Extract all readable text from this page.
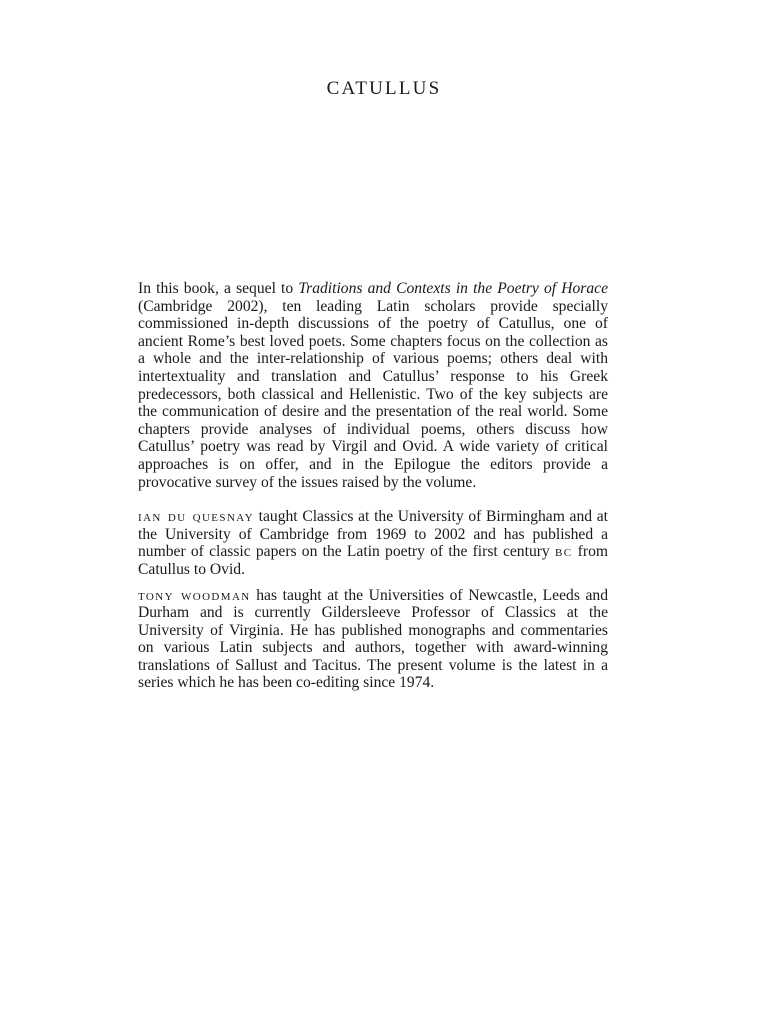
CATULLUS

In this book, a sequel to Traditions and Contexts in the Poetry of Horace (Cambridge 2002), ten leading Latin scholars provide specially commissioned in-depth discussions of the poetry of Catullus, one of ancient Rome’s best loved poets. Some chapters focus on the collection as a whole and the inter-relationship of various poems; others deal with intertextuality and translation and Catullus’ response to his Greek predecessors, both classical and Hellenistic. Two of the key subjects are the communication of desire and the presentation of the real world. Some chapters provide analyses of individual poems, others discuss how Catullus’ poetry was read by Virgil and Ovid. A wide variety of critical approaches is on offer, and in the Epilogue the editors provide a provocative survey of the issues raised by the volume.

ian du quesnay taught Classics at the University of Birmingham and at the University of Cambridge from 1969 to 2002 and has published a number of classic papers on the Latin poetry of the first century bc from Catullus to Ovid.

tony woodman has taught at the Universities of Newcastle, Leeds and Durham and is currently Gildersleeve Professor of Classics at the University of Virginia. He has published monographs and commentaries on various Latin subjects and authors, together with award-winning translations of Sallust and Tacitus. The present volume is the latest in a series which he has been co-editing since 1974.
